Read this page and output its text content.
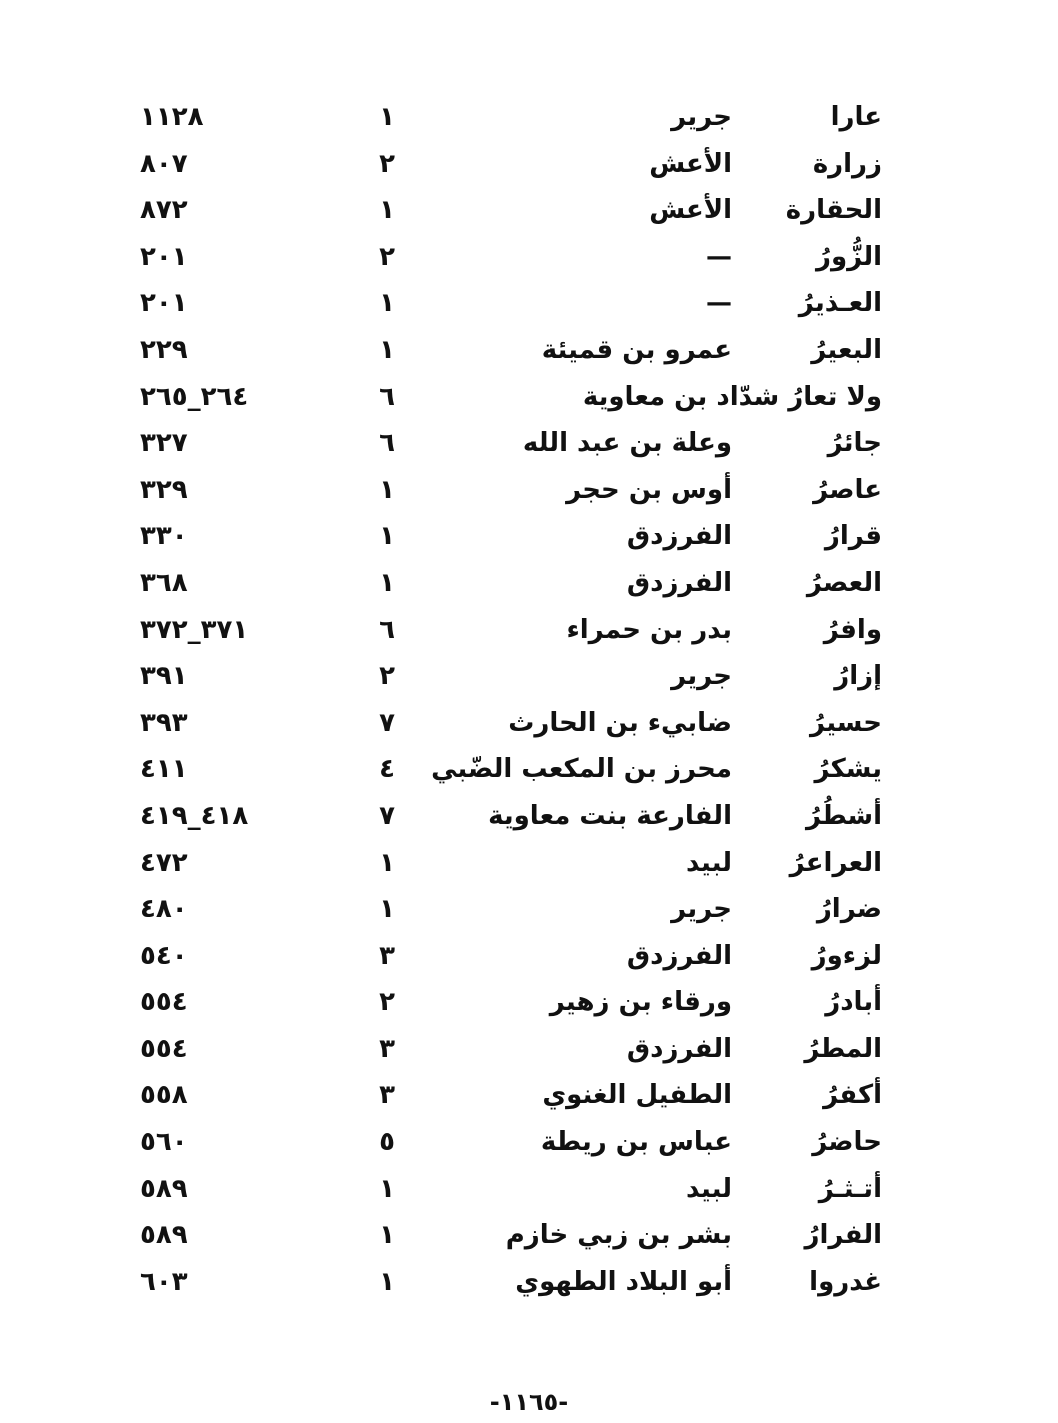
عارا
جرير
١
١١٢٨
زرارة
الأعش
٢
٨٠٧
الحقارة
الأعش
١
٨٧٢
الزُّورُ
—
٢
٢٠١
العـذيرُ
—
١
٢٠١
البعيرُ
عمرو بن قميئة
١
٢٢٩
ولا تعارُ شدّاد بن معاوية
٦
٢٦٤_٢٦٥
جائرُ
وعلة بن عبد الله
٦
٣٢٧
عاصرُ
أوس بن حجر
١
٣٢٩
قرارُ
الفرزدق
١
٣٣٠
العصرُ
الفرزدق
١
٣٦٨
وافرُ
بدر بن حمراء
٦
٣٧١_٣٧٢
إزارُ
جرير
٢
٣٩١
حسيرُ
ضابيء بن الحارث
٧
٣٩٣
يشكرُ
محرز بن المكعب الضّبي
٤
٤١١
أشطُرُ
الفارعة بنت معاوية
٧
٤١٨_٤١٩
العراعرُ
لبيد
١
٤٧٢
ضرارُ
جرير
١
٤٨٠
لزءورُ
الفرزدق
٣
٥٤٠
أبادرُ
ورقاء بن زهير
٢
٥٥٤
المطرُ
الفرزدق
٣
٥٥٤
أكفرُ
الطفيل الغنوي
٣
٥٥٨
حاضرُ
عباس بن ريطة
٥
٥٦٠
أتـثـرُ
لبيد
١
٥٨٩
الفرارُ
بشر بن زبي خازم
١
٥٨٩
غدروا
أبو البلاد الطهوي
١
٦٠٣
-١١٦٥-
